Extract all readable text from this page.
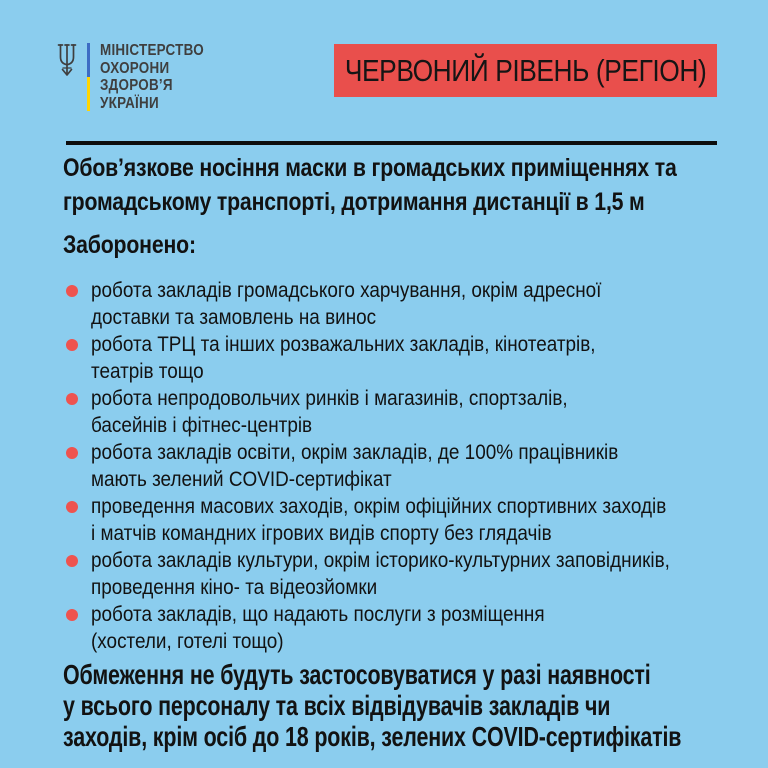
МІНІСТЕРСТВО
ОХОРОНИ
ЗДОРОВ’Я
УКРАЇНИ
ЧЕРВОНИЙ РІВЕНЬ (РЕГІОН)
Обов’язкове носіння маски в громадських приміщеннях та
громадському транспорті, дотримання дистанції в 1,5 м
Заборонено:
робота закладів громадського харчування, окрім адресної
доставки та замовлень на винос
робота ТРЦ та інших розважальних закладів, кінотеатрів,
театрів тощо
робота непродовольчих ринків і магазинів, спортзалів,
басейнів і фітнес-центрів
робота закладів освіти, окрім закладів, де 100% працівників
мають зелений COVID-сертифікат
проведення масових заходів, окрім офіційних спортивних заходів
і матчів командних ігрових видів спорту без глядачів
робота закладів культури, окрім історико-культурних заповідників,
проведення кіно- та відеозйомки
робота закладів, що надають послуги з розміщення
(хостели, готелі тощо)
Обмеження не будуть застосовуватися у разі наявності
у всього персоналу та всіх відвідувачів закладів чи
заходів, крім осіб до 18 років, зелених COVID-сертифікатів
